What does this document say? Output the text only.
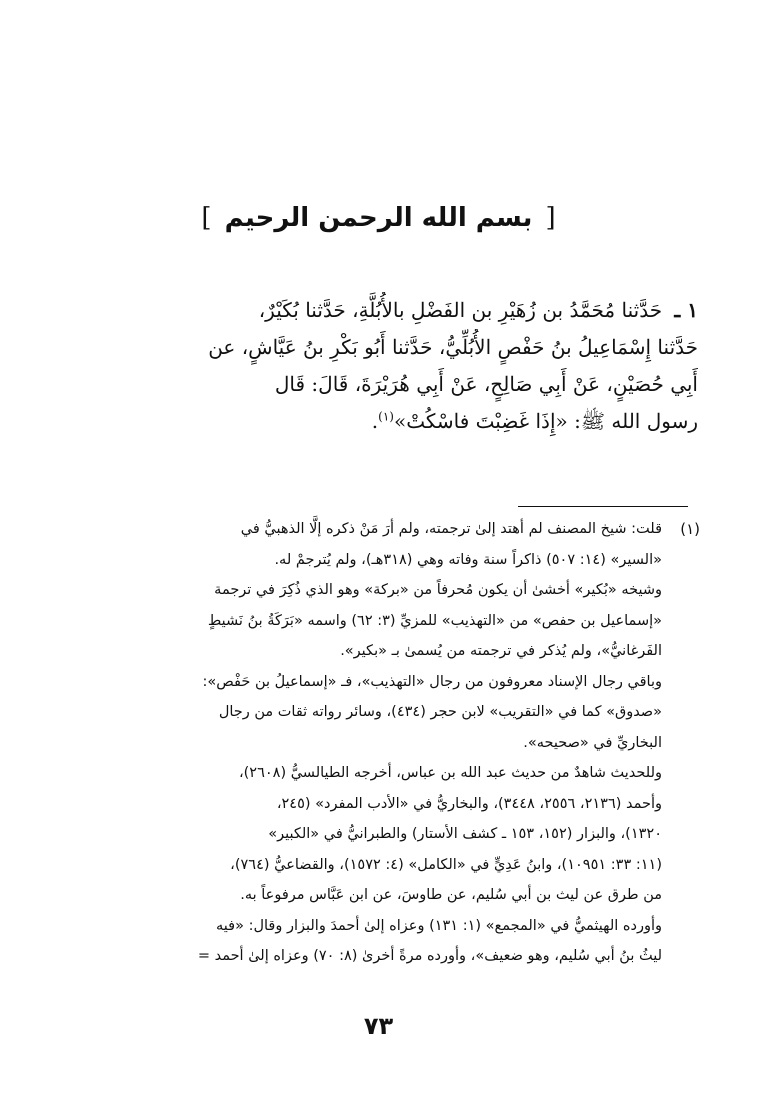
[ بسم الله الرحمن الرحيم ]
١ ـ حَدَّثنا مُحَمَّدُ بن زُهَيْرِ بن الفَضْلِ بالأُبُلَّةِ، حَدَّثنا بُكَيْرٌ،
حَدَّثنا إِسْمَاعِيلُ بنُ حَفْصٍ الأُبُلِّيُّ، حَدَّثنا أَبُو بَكْرِ بنُ عَيَّاشٍ، عن
أَبِي حُصَيْنٍ، عَنْ أَبِي صَالِحٍ، عَنْ أَبِي هُرَيْرَةَ، قَالَ: قَال
رسول الله ﷺ: «إِذَا غَضِبْتَ فاسْكُتْ»$^{(١)}$.
(١)
قلت: شيخ المصنف لم أهتد إلىٰ ترجمته، ولم أرَ مَنْ ذكره إلَّا الذهبيُّ في
«السير» (١٤: ٥٠٧) ذاكراً سنة وفاته وهي (٣١٨هـ)، ولم يُترجمْ له.
وشيخه «بُكير» أخشىٰ أن يكون مُحرفاً من «بركة» وهو الذي ذُكِرَ في ترجمة
«إسماعيل بن حفص» من «التهذيب» للمزيِّ (٣: ٦٢) واسمه «بَرَكَةُ بنُ نَشيطٍ
الفَرغانيُّ»، ولم يُذكر في ترجمته من يُسمىٰ بـ «بكير».
وباقي رجال الإسناد معروفون من رجال «التهذيب»، فـ «إسماعيلُ بن حَفْص»:
«صدوق» كما في «التقريب» لابن حجر (٤٣٤)، وسائر رواته ثقات من رجال
البخاريِّ في «صحيحه».
وللحديث شاهدٌ من حديث عبد الله بن عباس، أخرجه الطيالسيُّ (٢٦٠٨)،
وأحمد (٢١٣٦، ٢٥٥٦، ٣٤٤٨)، والبخاريُّ في «الأدب المفرد» (٢٤٥،
١٣٢٠)، والبزار (١٥٢، ١٥٣ ـ كشف الأستار) والطبرانيُّ في «الكبير»
(١١: ٣٣: ١٠٩٥١)، وابنُ عَدِيٍّ في «الكامل» (٤: ١٥٧٢)، والقضاعيُّ (٧٦٤)،
من طرق عن ليث بن أبي سُليم، عن طاوسَ، عن ابن عَبَّاس مرفوعاً به.
وأورده الهيثميُّ في «المجمع» (١: ١٣١) وعزاه إلىٰ أحمدَ والبزار وقال: «فيه
ليثُ بنُ أبي سُليم، وهو ضعيف»، وأورده مرةً أخرىٰ (٨: ٧٠) وعزاه إلىٰ أحمد =
٧٣
